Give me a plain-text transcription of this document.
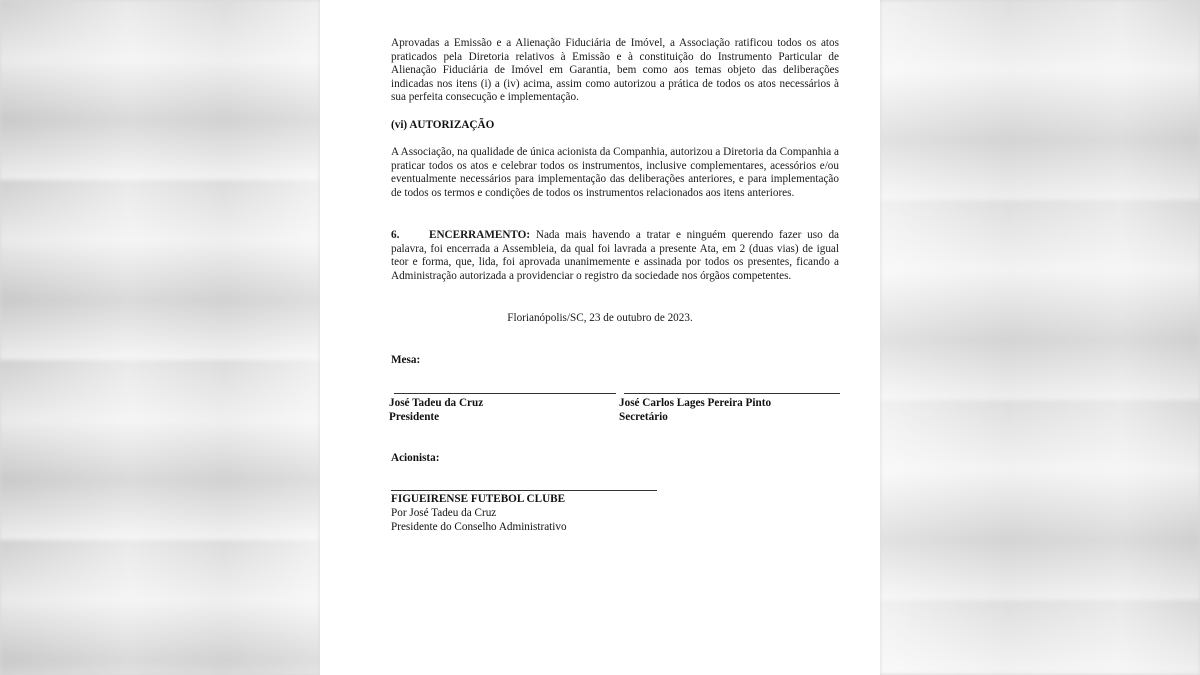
Aprovadas a Emissão e a Alienação Fiduciária de Imóvel, a Associação ratificou todos os atos praticados pela Diretoria relativos à Emissão e à constituição do Instrumento Particular de Alienação Fiduciária de Imóvel em Garantia, bem como aos temas objeto das deliberações indicadas nos itens (i) a (iv) acima, assim como autorizou a prática de todos os atos necessários à sua perfeita consecução e implementação.

(vi) AUTORIZAÇÃO

A Associação, na qualidade de única acionista da Companhia, autorizou a Diretoria da Companhia a praticar todos os atos e celebrar todos os instrumentos, inclusive complementares, acessórios e/ou eventualmente necessários para implementação das deliberações anteriores, e para implementação de todos os termos e condições de todos os instrumentos relacionados aos itens anteriores.

6.	ENCERRAMENTO: Nada mais havendo a tratar e ninguém querendo fazer uso da palavra, foi encerrada a Assembleia, da qual foi lavrada a presente Ata, em 2 (duas vias) de igual teor e forma, que, lida, foi aprovada unanimemente e assinada por todos os presentes, ficando a Administração autorizada a providenciar o registro da sociedade nos órgãos competentes.

Florianópolis/SC, 23 de outubro de 2023.
Mesa:
José Tadeu da Cruz
Presidente
José Carlos Lages Pereira Pinto
Secretário
Acionista:
FIGUEIRENSE FUTEBOL CLUBE
Por José Tadeu da Cruz
Presidente do Conselho Administrativo
